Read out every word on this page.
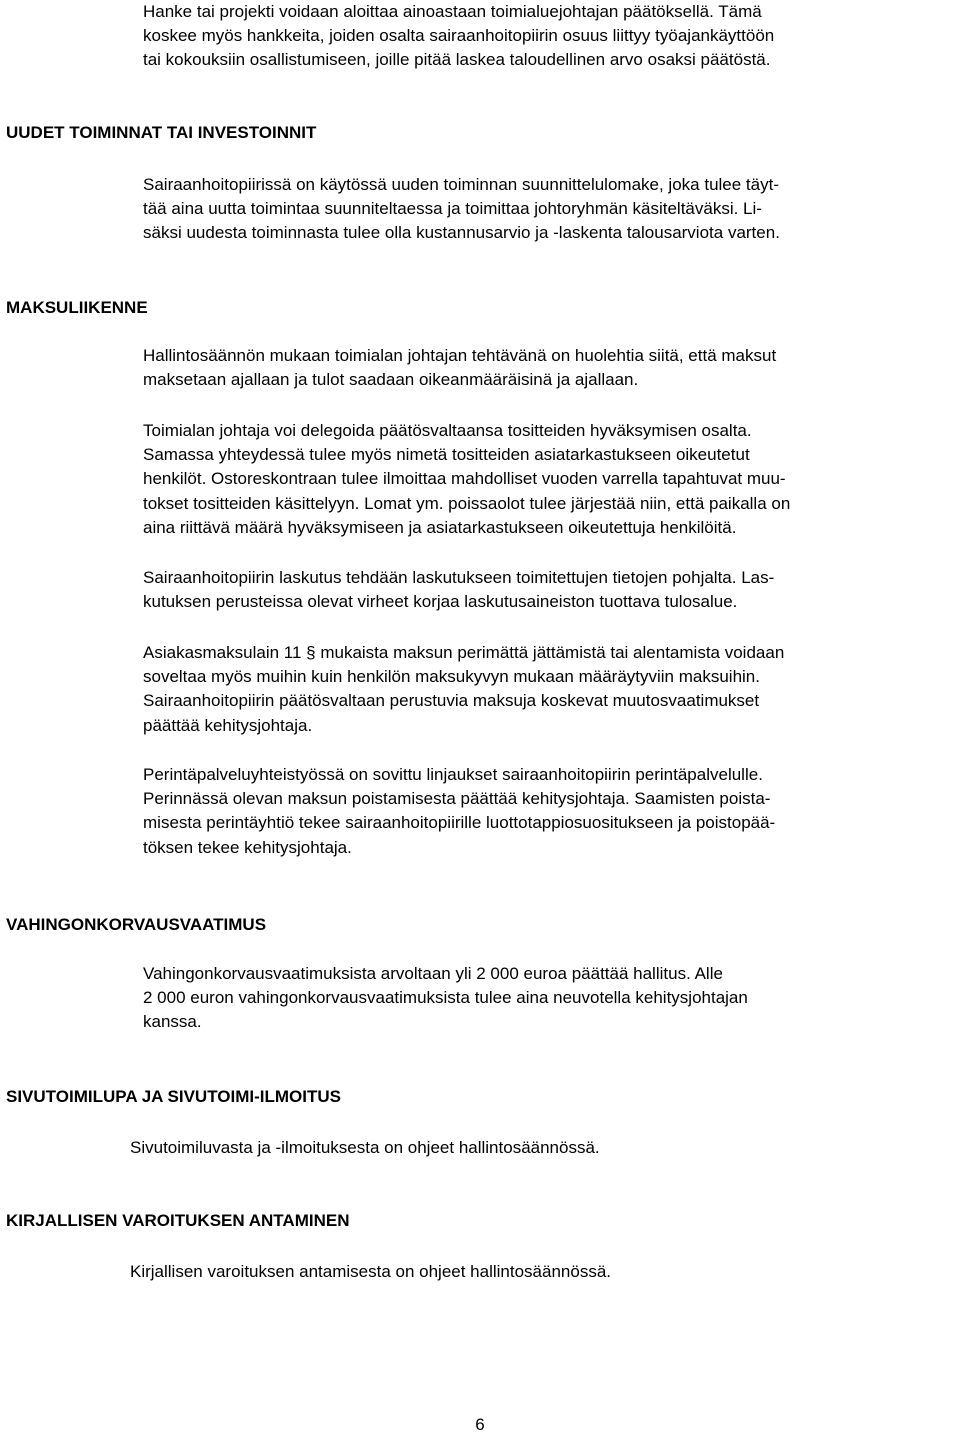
Hanke tai projekti voidaan aloittaa ainoastaan toimialuejohtajan päätöksellä. Tämä
koskee myös hankkeita, joiden osalta sairaanhoitopiirin osuus liittyy työajankäyttöön
tai kokouksiin osallistumiseen, joille pitää laskea taloudellinen arvo osaksi päätöstä.
UUDET TOIMINNAT TAI INVESTOINNIT
Sairaanhoitopiirissä on käytössä uuden toiminnan suunnittelulomake, joka tulee täyt-
tää aina uutta toimintaa suunniteltaessa ja toimittaa johtoryhmän käsiteltäväksi. Li-
säksi uudesta toiminnasta tulee olla kustannusarvio ja -laskenta talousarviota varten.
MAKSULIIKENNE
Hallintosäännön mukaan toimialan johtajan tehtävänä on huolehtia siitä, että maksut
maksetaan ajallaan ja tulot saadaan oikeanmääräisinä ja ajallaan.
Toimialan johtaja voi delegoida päätösvaltaansa tositteiden hyväksymisen osalta.
Samassa yhteydessä tulee myös nimetä tositteiden asiatarkastukseen oikeutetut
henkilöt. Ostoreskontraan tulee ilmoittaa mahdolliset vuoden varrella tapahtuvat muu-
tokset tositteiden käsittelyyn. Lomat ym. poissaolot tulee järjestää niin, että paikalla on
aina riittävä määrä hyväksymiseen ja asiatarkastukseen oikeutettuja henkilöitä.
Sairaanhoitopiirin laskutus tehdään laskutukseen toimitettujen tietojen pohjalta. Las-
kutuksen perusteissa olevat virheet korjaa laskutusaineiston tuottava tulosalue.
Asiakasmaksulain 11 § mukaista maksun perimättä jättämistä tai alentamista voidaan
soveltaa myös muihin kuin henkilön maksukyvyn mukaan määräytyviin maksuihin.
Sairaanhoitopiirin päätösvaltaan perustuvia maksuja koskevat muutosvaatimukset
päättää kehitysjohtaja.
Perintäpalveluyhteistyössä on sovittu linjaukset sairaanhoitopiirin perintäpalvelulle.
Perinnässä olevan maksun poistamisesta päättää kehitysjohtaja. Saamisten poista-
misesta perintäyhtiö tekee sairaanhoitopiirille luottotappiosuositukseen ja poistopää-
töksen tekee kehitysjohtaja.
VAHINGONKORVAUSVAATIMUS
Vahingonkorvausvaatimuksista arvoltaan yli 2 000 euroa päättää hallitus. Alle
2 000 euron vahingonkorvausvaatimuksista tulee aina neuvotella kehitysjohtajan
kanssa.
SIVUTOIMILUPA JA SIVUTOIMI-ILMOITUS
Sivutoimiluvasta ja -ilmoituksesta on ohjeet hallintosäännössä.
KIRJALLISEN VAROITUKSEN ANTAMINEN
Kirjallisen varoituksen antamisesta on ohjeet hallintosäännössä.
6
